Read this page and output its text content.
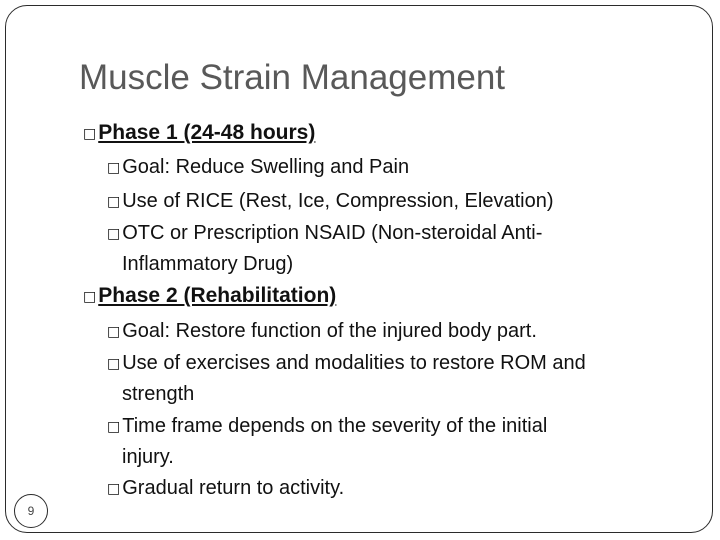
Muscle Strain Management
□Phase 1 (24-48 hours)
□ Goal: Reduce Swelling and Pain
□ Use of RICE (Rest, Ice, Compression, Elevation)
□ OTC or Prescription NSAID (Non-steroidal Anti-
Inflammatory Drug)
□Phase 2 (Rehabilitation)
□ Goal: Restore function of the injured body part.
□ Use of exercises and modalities to restore ROM and
strength
□ Time frame depends on the severity of the initial
injury.
□ Gradual return to activity.
9
